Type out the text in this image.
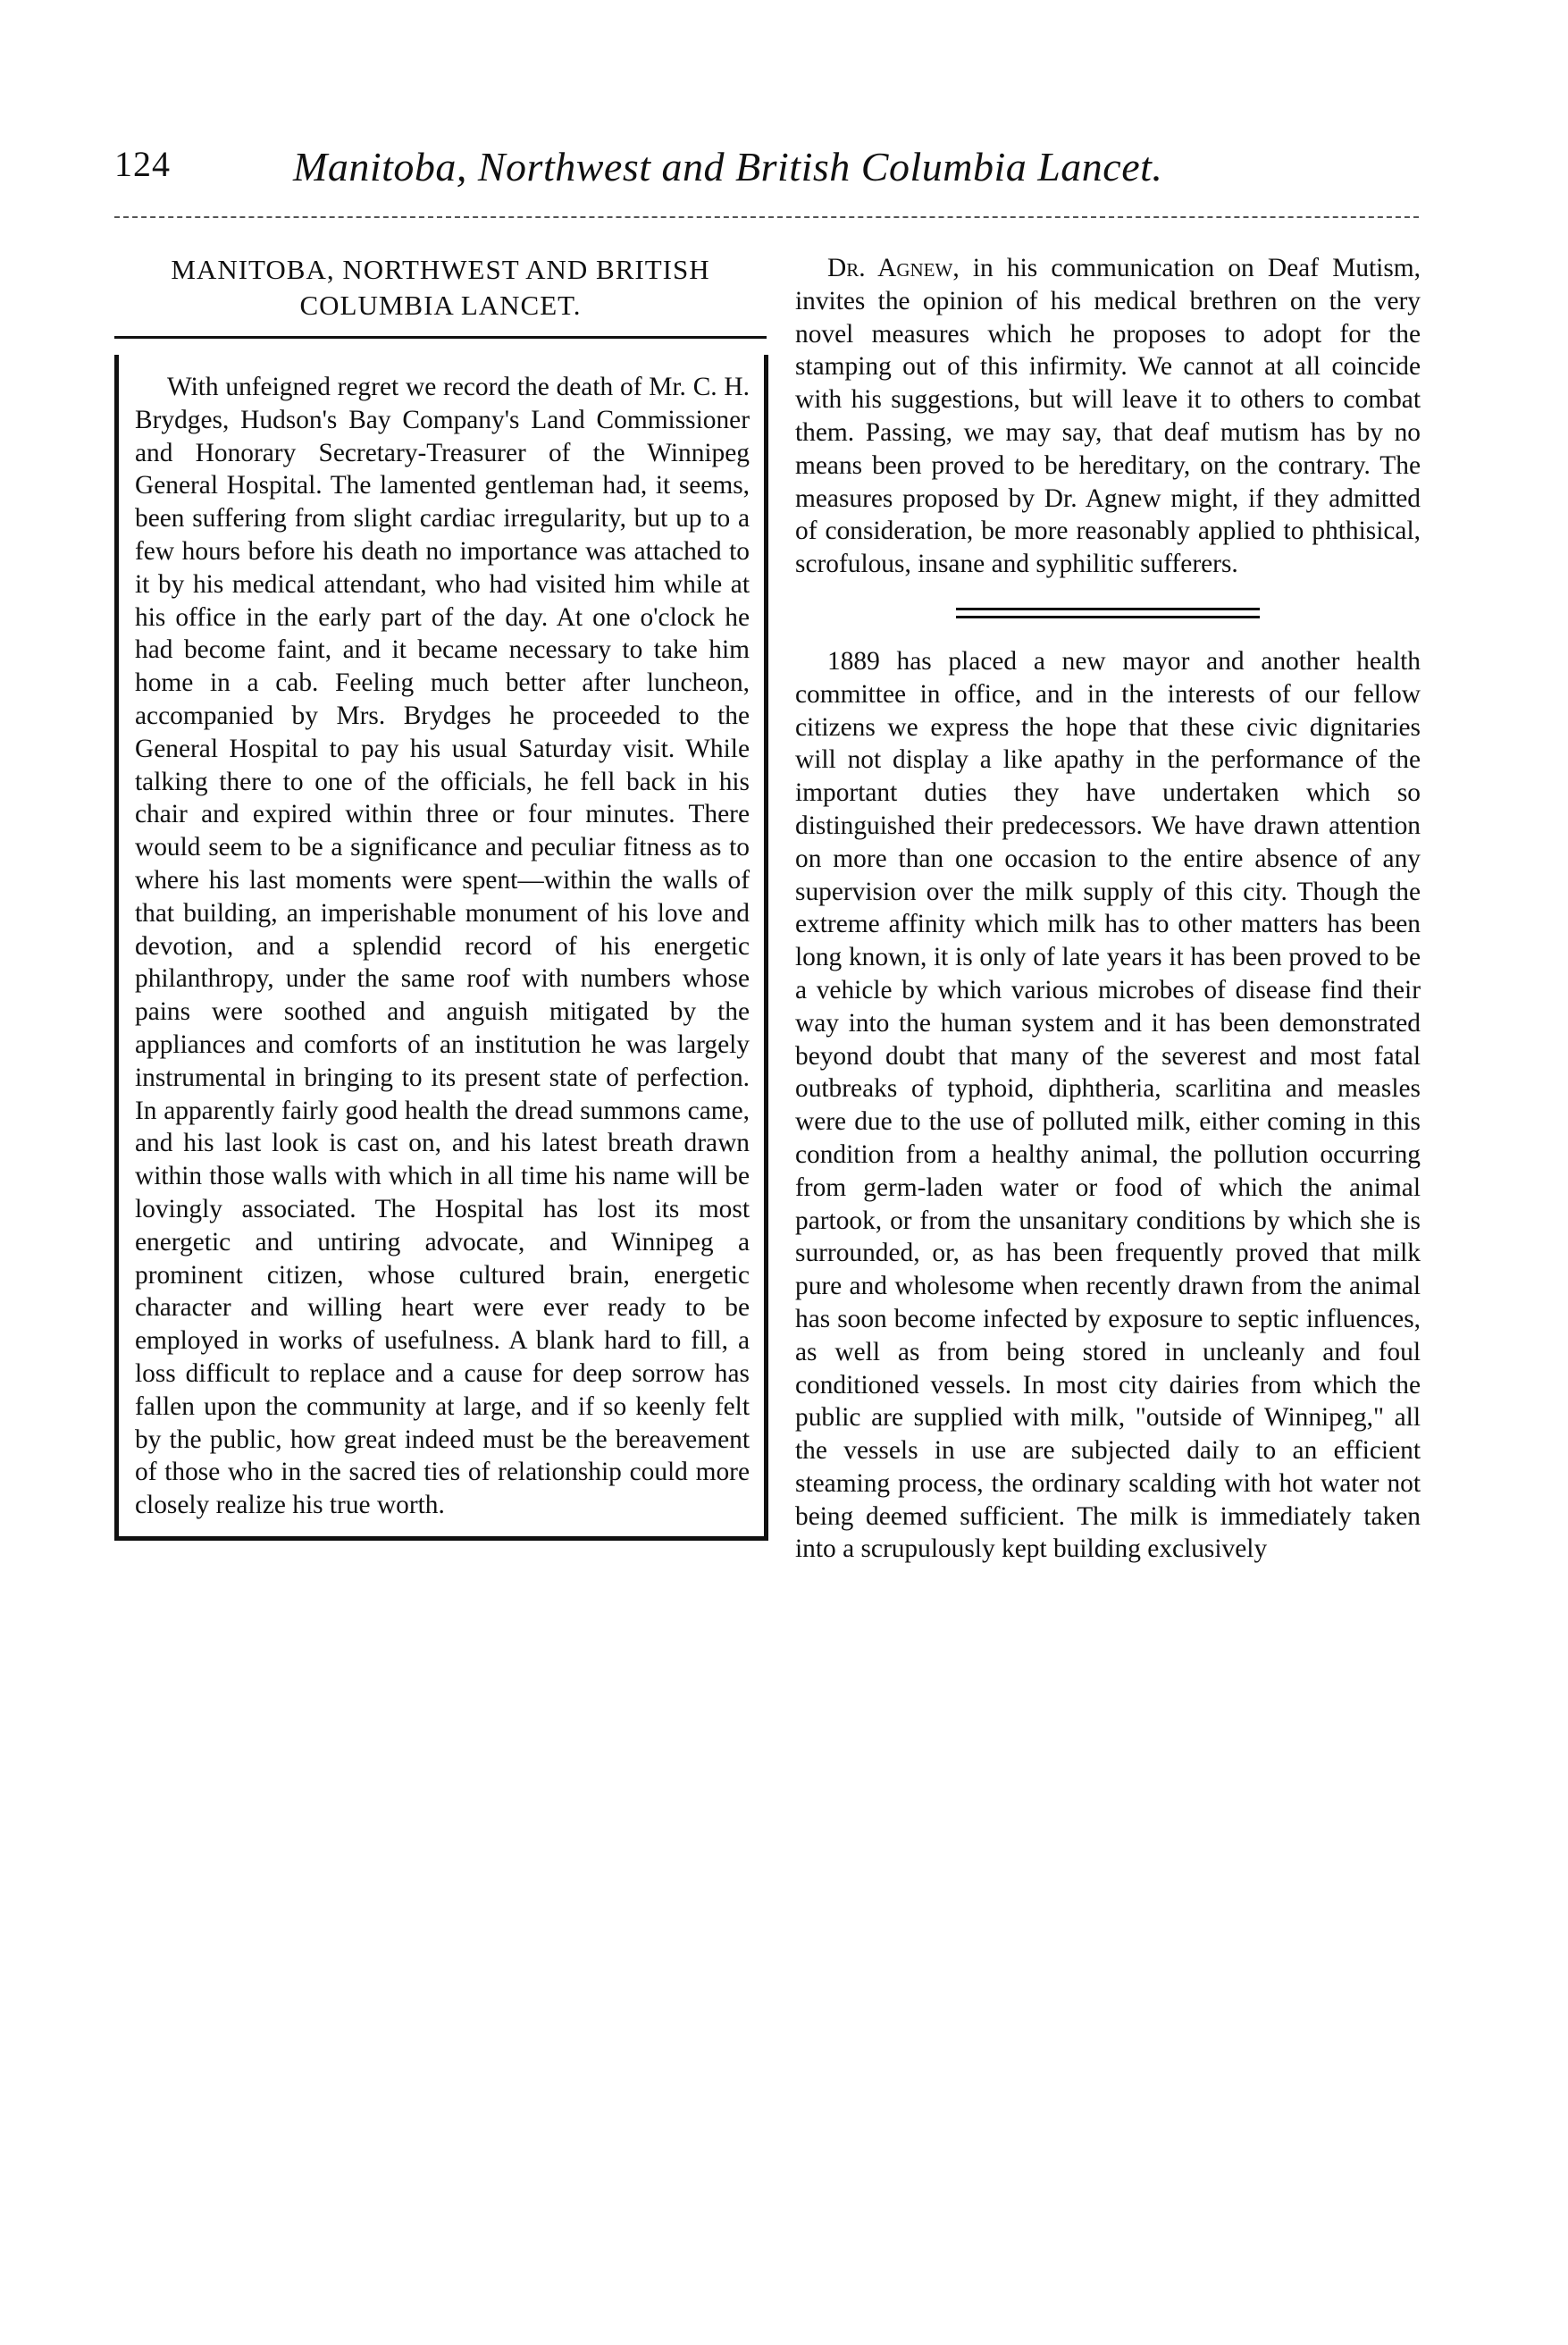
124	Manitoba, Northwest and British Columbia Lancet.
MANITOBA, NORTHWEST AND BRITISH
COLUMBIA LANCET.

With unfeigned regret we record the death of Mr. C. H. Brydges, Hudson's Bay Company's Land Commissioner and Honorary Secretary-Treasurer of the Winnipeg General Hospital. The lamented gentleman had, it seems, been suffering from slight cardiac irregularity, but up to a few hours before his death no importance was attached to it by his medical attendant, who had visited him while at his office in the early part of the day. At one o'clock he had become faint, and it became necessary to take him home in a cab. Feeling much better after luncheon, accompanied by Mrs. Brydges he proceeded to the General Hospital to pay his usual Saturday visit. While talking there to one of the officials, he fell back in his chair and expired within three or four minutes. There would seem to be a significance and peculiar fitness as to where his last moments were spent—within the walls of that building, an imperishable monument of his love and devotion, and a splendid record of his energetic philanthropy, under the same roof with numbers whose pains were soothed and anguish mitigated by the appliances and comforts of an institution he was largely instrumental in bringing to its present state of perfection. In apparently fairly good health the dread summons came, and his last look is cast on, and his latest breath drawn within those walls with which in all time his name will be lovingly associated. The Hospital has lost its most energetic and untiring advocate, and Winnipeg a prominent citizen, whose cultured brain, energetic character and willing heart were ever ready to be employed in works of usefulness. A blank hard to fill, a loss difficult to replace and a cause for deep sorrow has fallen upon the community at large, and if so keenly felt by the public, how great indeed must be the bereavement of those who in the sacred ties of relationship could more closely realize his true worth.

Dr. Agnew, in his communication on Deaf Mutism, invites the opinion of his medical brethren on the very novel measures which he proposes to adopt for the stamping out of this infirmity. We cannot at all coincide with his suggestions, but will leave it to others to combat them. Passing, we may say, that deaf mutism has by no means been proved to be hereditary, on the contrary. The measures proposed by Dr. Agnew might, if they admitted of consideration, be more reasonably applied to phthisical, scrofulous, insane and syphilitic sufferers.

1889 has placed a new mayor and another health committee in office, and in the interests of our fellow citizens we express the hope that these civic dignitaries will not display a like apathy in the performance of the important duties they have undertaken which so distinguished their predecessors. We have drawn attention on more than one occasion to the entire absence of any supervision over the milk supply of this city. Though the extreme affinity which milk has to other matters has been long known, it is only of late years it has been proved to be a vehicle by which various microbes of disease find their way into the human system and it has been demonstrated beyond doubt that many of the severest and most fatal outbreaks of typhoid, diphtheria, scarlitina and measles were due to the use of polluted milk, either coming in this condition from a healthy animal, the pollution occurring from germ-laden water or food of which the animal partook, or from the unsanitary conditions by which she is surrounded, or, as has been frequently proved that milk pure and wholesome when recently drawn from the animal has soon become infected by exposure to septic influences, as well as from being stored in uncleanly and foul conditioned vessels. In most city dairies from which the public are supplied with milk, "outside of Winnipeg," all the vessels in use are subjected daily to an efficient steaming process, the ordinary scalding with hot water not being deemed sufficient. The milk is immediately taken into a scrupulously kept building exclusively
